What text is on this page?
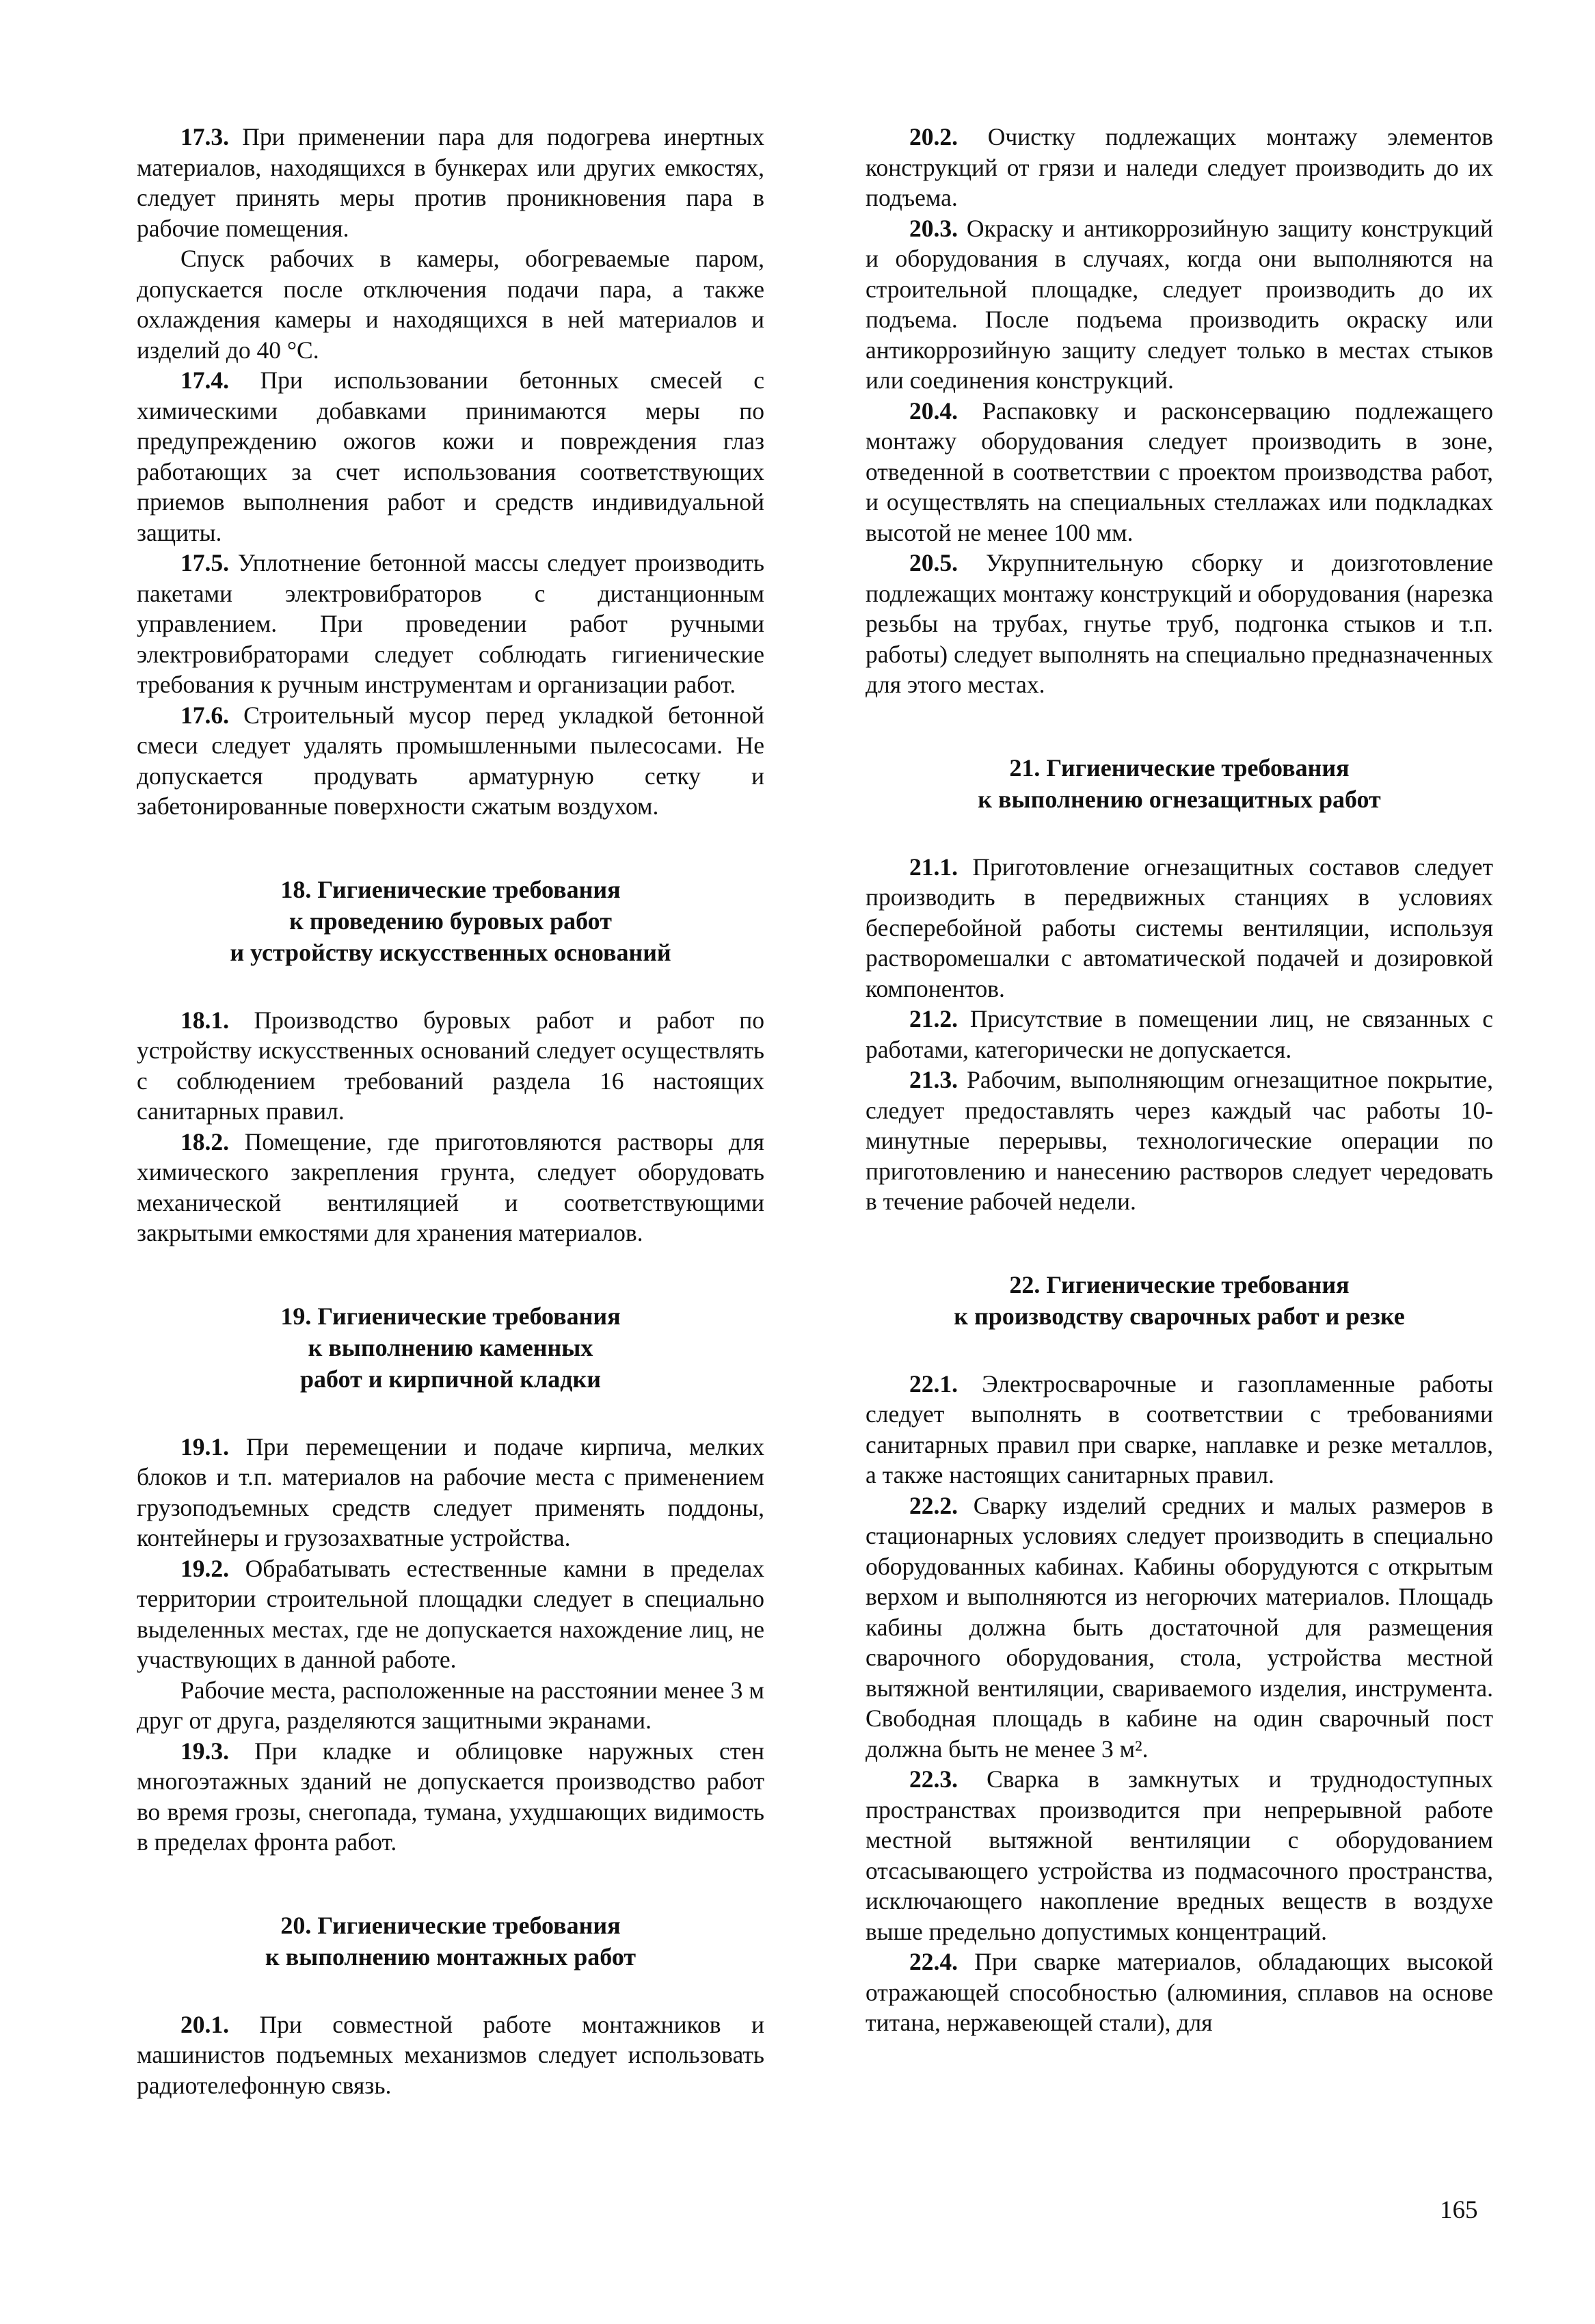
17.3. При применении пара для подогрева инертных материалов, находящихся в бункерах или других емкостях, следует принять меры против проникновения пара в рабочие помещения.

Спуск рабочих в камеры, обогреваемые паром, допускается после отключения подачи пара, а также охлаждения камеры и находящихся в ней материалов и изделий до 40 °С.

17.4. При использовании бетонных смесей с химическими добавками принимаются меры по предупреждению ожогов кожи и повреждения глаз работающих за счет использования соответствующих приемов выполнения работ и средств индивидуальной защиты.

17.5. Уплотнение бетонной массы следует производить пакетами электровибраторов с дистанционным управлением. При проведении работ ручными электровибраторами следует соблюдать гигиенические требования к ручным инструментам и организации работ.

17.6. Строительный мусор перед укладкой бетонной смеси следует удалять промышленными пылесосами. Не допускается продувать арматурную сетку и забетонированные поверхности сжатым воздухом.

18. Гигиенические требования
к проведению буровых работ
и устройству искусственных оснований

18.1. Производство буровых работ и работ по устройству искусственных оснований следует осуществлять с соблюдением требований раздела 16 настоящих санитарных правил.

18.2. Помещение, где приготовляются растворы для химического закрепления грунта, следует оборудовать механической вентиляцией и соответствующими закрытыми емкостями для хранения материалов.

19. Гигиенические требования
к выполнению каменных
работ и кирпичной кладки

19.1. При перемещении и подаче кирпича, мелких блоков и т.п. материалов на рабочие места с применением грузоподъемных средств следует применять поддоны, контейнеры и грузозахватные устройства.

19.2. Обрабатывать естественные камни в пределах территории строительной площадки следует в специально выделенных местах, где не допускается нахождение лиц, не участвующих в данной работе.

Рабочие места, расположенные на расстоянии менее 3 м друг от друга, разделяются защитными экранами.

19.3. При кладке и облицовке наружных стен многоэтажных зданий не допускается производство работ во время грозы, снегопада, тумана, ухудшающих видимость в пределах фронта работ.

20. Гигиенические требования
к выполнению монтажных работ

20.1. При совместной работе монтажников и машинистов подъемных механизмов следует использовать радиотелефонную связь.

20.2. Очистку подлежащих монтажу элементов конструкций от грязи и наледи следует производить до их подъема.

20.3. Окраску и антикоррозийную защиту конструкций и оборудования в случаях, когда они выполняются на строительной площадке, следует производить до их подъема. После подъема производить окраску или антикоррозийную защиту следует только в местах стыков или соединения конструкций.

20.4. Распаковку и расконсервацию подлежащего монтажу оборудования следует производить в зоне, отведенной в соответствии с проектом производства работ, и осуществлять на специальных стеллажах или подкладках высотой не менее 100 мм.

20.5. Укрупнительную сборку и доизготовление подлежащих монтажу конструкций и оборудования (нарезка резьбы на трубах, гнутье труб, подгонка стыков и т.п. работы) следует выполнять на специально предназначенных для этого местах.

21. Гигиенические требования
к выполнению огнезащитных работ

21.1. Приготовление огнезащитных составов следует производить в передвижных станциях в условиях бесперебойной работы системы вентиляции, используя растворомешалки с автоматической подачей и дозировкой компонентов.

21.2. Присутствие в помещении лиц, не связанных с работами, категорически не допускается.

21.3. Рабочим, выполняющим огнезащитное покрытие, следует предоставлять через каждый час работы 10-минутные перерывы, технологические операции по приготовлению и нанесению растворов следует чередовать в течение рабочей недели.

22. Гигиенические требования
к производству сварочных работ и резке

22.1. Электросварочные и газопламенные работы следует выполнять в соответствии с требованиями санитарных правил при сварке, наплавке и резке металлов, а также настоящих санитарных правил.

22.2. Сварку изделий средних и малых размеров в стационарных условиях следует производить в специально оборудованных кабинах. Кабины оборудуются с открытым верхом и выполняются из негорючих материалов. Площадь кабины должна быть достаточной для размещения сварочного оборудования, стола, устройства местной вытяжной вентиляции, свариваемого изделия, инструмента. Свободная площадь в кабине на один сварочный пост должна быть не менее 3 м².

22.3. Сварка в замкнутых и труднодоступных пространствах производится при непрерывной работе местной вытяжной вентиляции с оборудованием отсасывающего устройства из подмасочного пространства, исключающего накопление вредных веществ в воздухе выше предельно допустимых концентраций.

22.4. При сварке материалов, обладающих высокой отражающей способностью (алюминия, сплавов на основе титана, нержавеющей стали), для

165
